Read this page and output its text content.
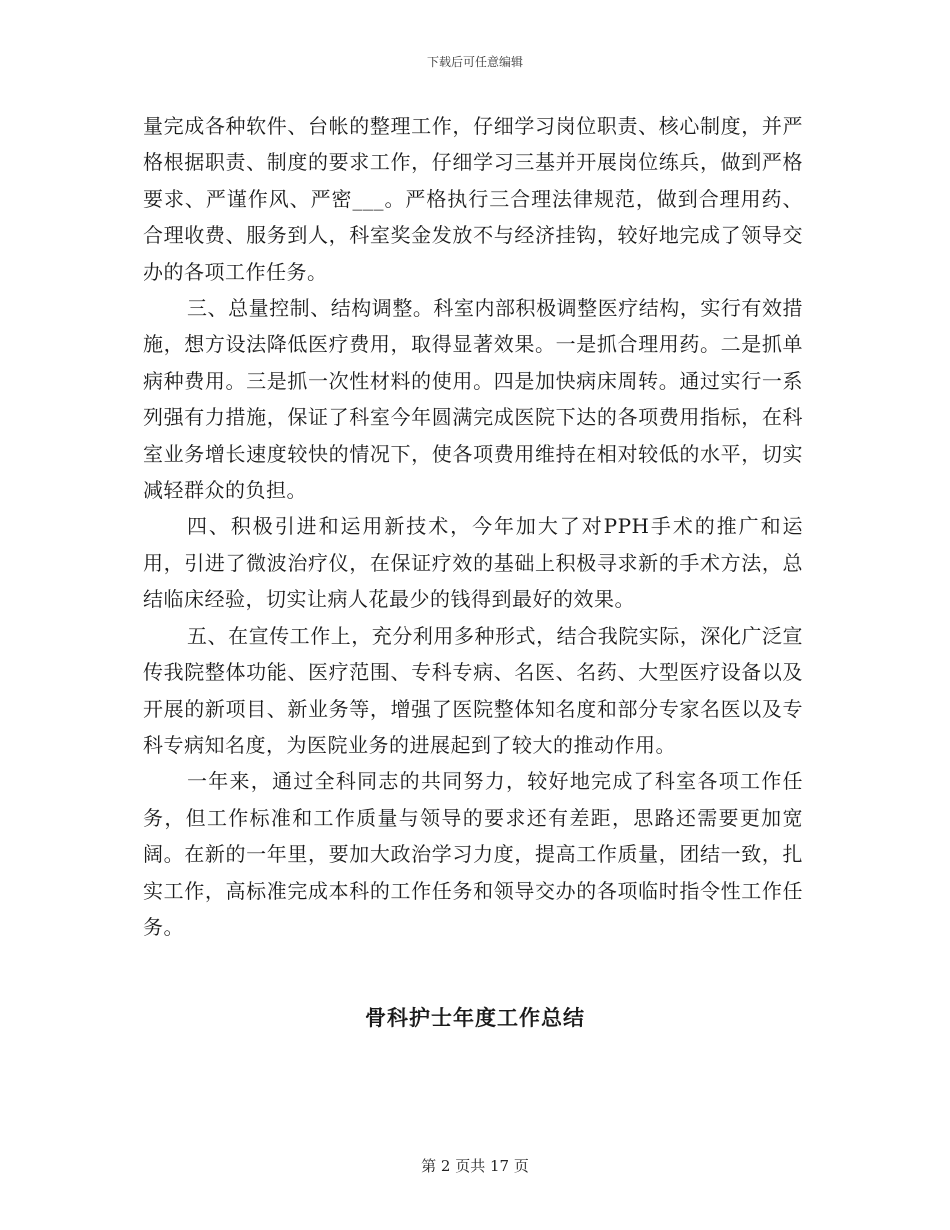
下载后可任意编辑

量完成各种软件、台帐的整理工作，仔细学习岗位职责、核心制度，并严格根据职责、制度的要求工作，仔细学习三基并开展岗位练兵，做到严格要求、严谨作风、严密___。严格执行三合理法律规范，做到合理用药、合理收费、服务到人，科室奖金发放不与经济挂钩，较好地完成了领导交办的各项工作任务。

三、总量控制、结构调整。科室内部积极调整医疗结构，实行有效措施，想方设法降低医疗费用，取得显著效果。一是抓合理用药。二是抓单病种费用。三是抓一次性材料的使用。四是加快病床周转。通过实行一系列强有力措施，保证了科室今年圆满完成医院下达的各项费用指标，在科室业务增长速度较快的情况下，使各项费用维持在相对较低的水平，切实减轻群众的负担。

四、积极引进和运用新技术，今年加大了对PPH手术的推广和运用，引进了微波治疗仪，在保证疗效的基础上积极寻求新的手术方法，总结临床经验，切实让病人花最少的钱得到最好的效果。

五、在宣传工作上，充分利用多种形式，结合我院实际，深化广泛宣传我院整体功能、医疗范围、专科专病、名医、名药、大型医疗设备以及开展的新项目、新业务等，增强了医院整体知名度和部分专家名医以及专科专病知名度，为医院业务的进展起到了较大的推动作用。

一年来，通过全科同志的共同努力，较好地完成了科室各项工作任务，但工作标准和工作质量与领导的要求还有差距，思路还需要更加宽阔。在新的一年里，要加大政治学习力度，提高工作质量，团结一致，扎实工作，高标准完成本科的工作任务和领导交办的各项临时指令性工作任务。

骨科护士年度工作总结
第 2 页共 17 页
